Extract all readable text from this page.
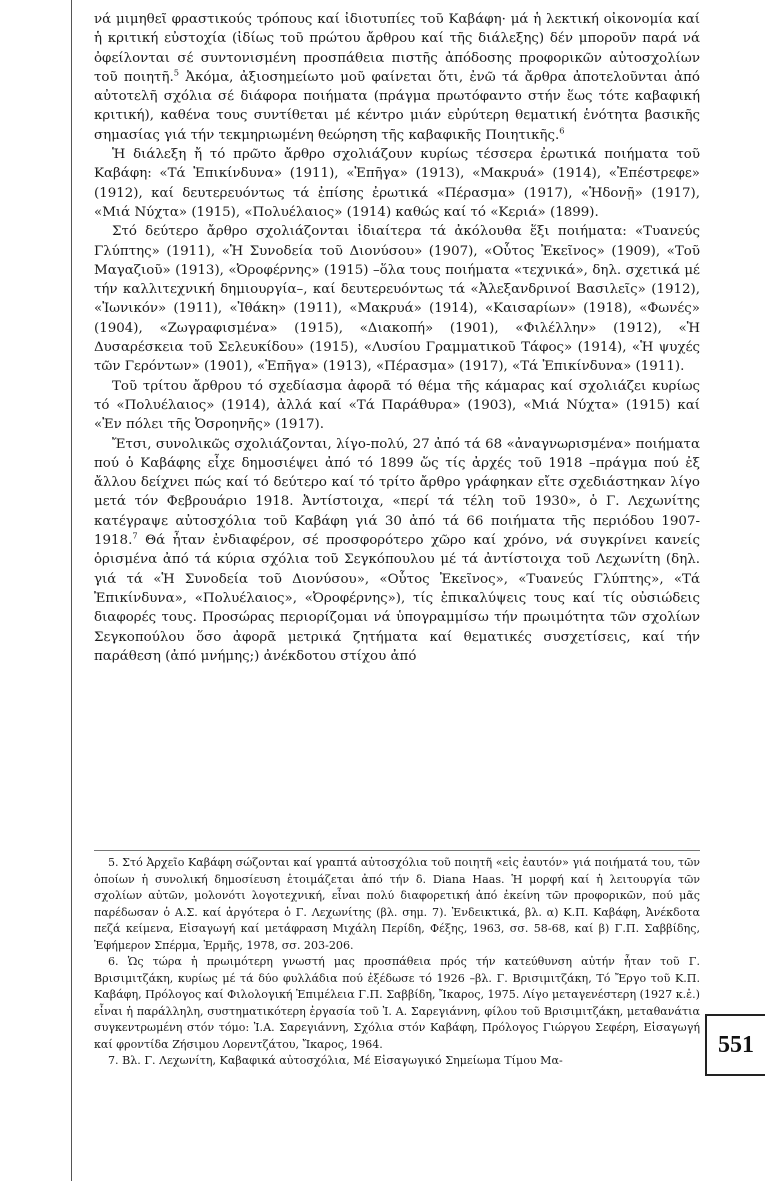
νά μιμηθεῖ φραστικούς τρόπους καί ἰδιοτυπίες τοῦ Καβάφη· μά ἡ λεκτική οἰκονομία καί ἡ κριτική εὐστοχία (ἰδίως τοῦ πρώτου ἄρθρου καί τῆς διάλεξης) δέν μποροῦν παρά νά ὀφείλονται σέ συντονισμένη προσπάθεια πιστῆς ἀπόδοσης προφορικῶν αὐτοσχολίων τοῦ ποιητῆ.$^5$ Ἀκόμα, ἀξιοσημείωτο μοῦ φαίνεται ὅτι, ἐνῶ τά ἄρθρα ἀποτελοῦνται ἀπό αὐτοτελῆ σχόλια σέ διάφορα ποιήματα (πράγμα πρωτόφαντο στήν ἕως τότε καβαφική κριτική), καθένα τους συντίθεται μέ κέντρο μιάν εὐρύτερη θεματική ἑνότητα βασικῆς σημασίας γιά τήν τεκμηριωμένη θεώρηση τῆς καβαφικῆς Ποιητικῆς.$^6$

Ἡ διάλεξη ἤ τό πρῶτο ἄρθρο σχολιάζουν κυρίως τέσσερα ἐρωτικά ποιήματα τοῦ Καβάφη: «Τά Ἐπικίνδυνα» (1911), «Ἐπῆγα» (1913), «Μακρυά» (1914), «Ἐπέστρεφε» (1912), καί δευτερευόντως τά ἐπίσης ἐρωτικά «Πέρασμα» (1917), «Ἡδονῇ» (1917), «Μιά Νύχτα» (1915), «Πολυέλαιος» (1914) καθώς καί τό «Κεριά» (1899).

Στό δεύτερο ἄρθρο σχολιάζονται ἰδιαίτερα τά ἀκόλουθα ἕξι ποιήματα: «Τυανεύς Γλύπτης» (1911), «Ἡ Συνοδεία τοῦ Διονύσου» (1907), «Οὗτος Ἐκεῖνος» (1909), «Τοῦ Μαγαζιοῦ» (1913), «Ὀροφέρνης» (1915) –ὅλα τους ποιήματα «τεχνικά», δηλ. σχετικά μέ τήν καλλιτεχνική δημιουργία–, καί δευτερευόντως τά «Ἀλεξανδρινοί Βασιλεῖς» (1912), «Ἰωνικόν» (1911), «Ἰθάκη» (1911), «Μακρυά» (1914), «Καισαρίων» (1918), «Φωνές» (1904), «Ζωγραφισμένα» (1915), «Διακοπή» (1901), «Φιλέλλην» (1912), «Ἡ Δυσαρέσκεια τοῦ Σελευκίδου» (1915), «Λυσίου Γραμματικοῦ Τάφος» (1914), «Ἡ ψυχές τῶν Γερόντων» (1901), «Ἐπῆγα» (1913), «Πέρασμα» (1917), «Τά Ἐπικίνδυνα» (1911).

Τοῦ τρίτου ἄρθρου τό σχεδίασμα ἀφορᾶ τό θέμα τῆς κάμαρας καί σχολιάζει κυρίως τό «Πολυέλαιος» (1914), ἀλλά καί «Τά Παράθυρα» (1903), «Μιά Νύχτα» (1915) καί «Ἐν πόλει τῆς Ὀσροηνῆς» (1917).

Ἔτσι, συνολικῶς σχολιάζονται, λίγο-πολύ, 27 ἀπό τά 68 «ἀναγνωρισμένα» ποιήματα πού ὁ Καβάφης εἶχε δημοσιέψει ἀπό τό 1899 ὥς τίς ἀρχές τοῦ 1918 –πράγμα πού ἐξ ἄλλου δείχνει πώς καί τό δεύτερο καί τό τρίτο ἄρθρο γράφηκαν εἴτε σχεδιάστηκαν λίγο μετά τόν Φεβρουάριο 1918. Ἀντίστοιχα, «περί τά τέλη τοῦ 1930», ὁ Γ. Λεχωνίτης κατέγραψε αὐτοσχόλια τοῦ Καβάφη γιά 30 ἀπό τά 66 ποιήματα τῆς περιόδου 1907-1918.$^7$ Θά ἦταν ἐνδιαφέρον, σέ προσφορότερο χῶρο καί χρόνο, νά συγκρίνει κανείς ὁρισμένα ἀπό τά κύρια σχόλια τοῦ Σεγκόπουλου μέ τά ἀντίστοιχα τοῦ Λεχωνίτη (δηλ. γιά τά «Ἡ Συνοδεία τοῦ Διονύσου», «Οὗτος Ἐκεῖνος», «Τυανεύς Γλύπτης», «Τά Ἐπικίνδυνα», «Πολυέλαιος», «Ὀροφέρνης»), τίς ἐπικαλύψεις τους καί τίς οὐσιώδεις διαφορές τους. Προσώρας περιορίζομαι νά ὑπογραμμίσω τήν πρωιμότητα τῶν σχολίων Σεγκοπούλου ὅσο ἀφορᾶ μετρικά ζητήματα καί θεματικές συσχετίσεις, καί τήν παράθεση (ἀπό μνήμης;) ἀνέκδοτου στίχου ἀπό

5. Στό Ἀρχεῖο Καβάφη σώζονται καί γραπτά αὐτοσχόλια τοῦ ποιητῆ «εἰς ἑαυτόν» γιά ποιήματά του, τῶν ὁποίων ἡ συνολική δημοσίευση ἑτοιμάζεται ἀπό τήν δ. Diana Haas. Ἡ μορφή καί ἡ λειτουργία τῶν σχολίων αὐτῶν, μολονότι λογοτεχνική, εἶναι πολύ διαφορετική ἀπό ἐκείνη τῶν προφορικῶν, πού μᾶς παρέδωσαν ὁ Α.Σ. καί ἀργότερα ὁ Γ. Λεχωνίτης (βλ. σημ. 7). Ἐνδεικτικά, βλ. α) Κ.Π. Καβάφη, Ἀνέκδοτα πεζά κείμενα, Εἰσαγωγή καί μετάφραση Μιχάλη Περίδη, Φέξης, 1963, σσ. 58-68, καί β) Γ.Π. Σαββίδης, Ἐφήμερον Σπέρμα, Ἑρμῆς, 1978, σσ. 203-206.

6. Ὡς τώρα ἡ πρωιμότερη γνωστή μας προσπάθεια πρός τήν κατεύθυνση αὐτήν ἦταν τοῦ Γ. Βρισιμιτζάκη, κυρίως μέ τά δύο φυλλάδια πού ἐξέδωσε τό 1926 –βλ. Γ. Βρισιμιτζάκη, Τό Ἔργο τοῦ Κ.Π. Καβάφη, Πρόλογος καί Φιλολογική Ἐπιμέλεια Γ.Π. Σαββίδη, Ἴκαρος, 1975. Λίγο μεταγενέστερη (1927 κ.ἑ.) εἶναι ἡ παράλληλη, συστηματικότερη ἐργασία τοῦ Ἰ. Α. Σαρεγιάννη, φίλου τοῦ Βρισιμιτζάκη, μεταθανάτια συγκεντρωμένη στόν τόμο: Ἰ.Α. Σαρεγιάννη, Σχόλια στόν Καβάφη, Πρόλογος Γιώργου Σεφέρη, Εἰσαγωγή καί φροντίδα Ζήσιμου Λορεντζάτου, Ἴκαρος, 1964.

7. Βλ. Γ. Λεχωνίτη, Καβαφικά αὐτοσχόλια, Μέ Εἰσαγωγικό Σημείωμα Τίμου Μα-

551
